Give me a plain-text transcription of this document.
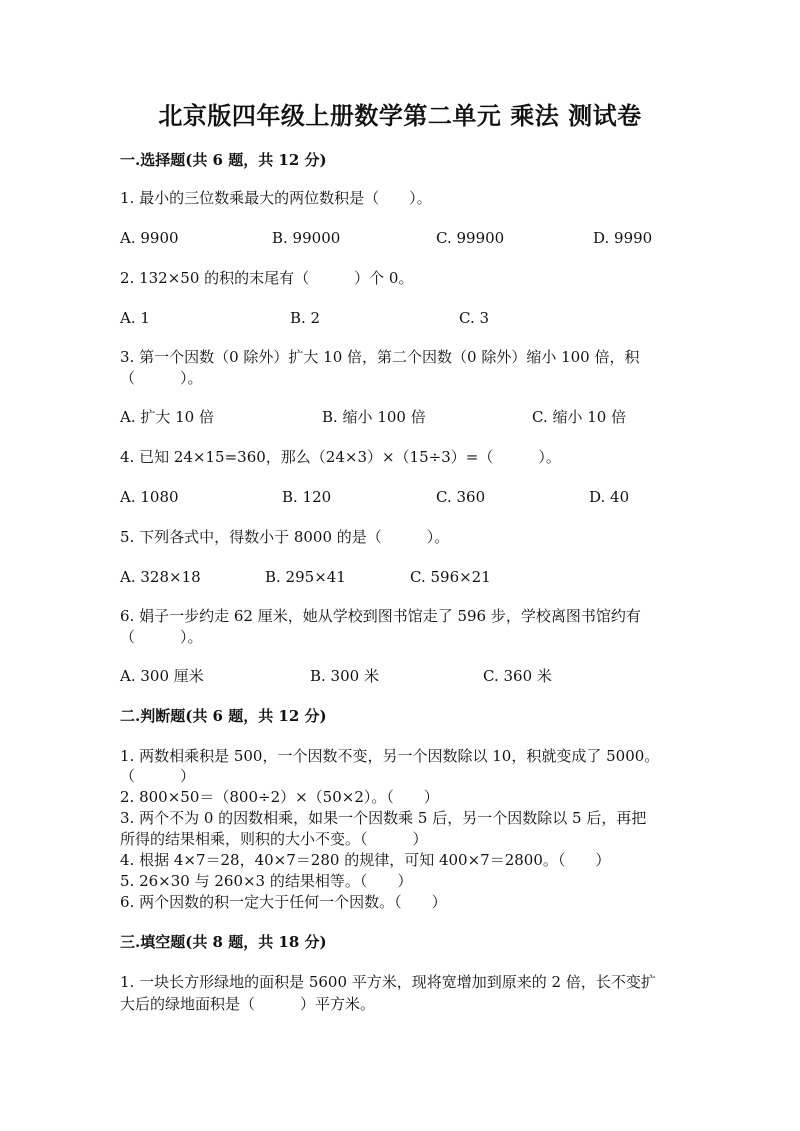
北京版四年级上册数学第二单元 乘法 测试卷
一.选择题(共 6 题，共 12 分)
1. 最小的三位数乘最大的两位数积是（　　）。
A. 9900	B. 99000	C. 99900	D. 9990
2. 132×50 的积的末尾有（　　　）个 0。
A. 1	B. 2	C. 3
3. 第一个因数（0 除外）扩大 10 倍，第二个因数（0 除外）缩小 100 倍，积
（　　　）。
A. 扩大 10 倍	B. 缩小 100 倍	C. 缩小 10 倍
4. 已知 24×15=360，那么（24×3）×（15÷3）=（　　　）。
A. 1080	B. 120	C. 360	D. 40
5. 下列各式中，得数小于 8000 的是（　　　）。
A. 328×18	B. 295×41	C. 596×21
6. 娟子一步约走 62 厘米，她从学校到图书馆走了 596 步，学校离图书馆约有
（　　　）。
A. 300 厘米	B. 300 米	C. 360 米
二.判断题(共 6 题，共 12 分)
1. 两数相乘积是 500，一个因数不变，另一个因数除以 10，积就变成了 5000。
（　　　）
2. 800×50＝（800÷2）×（50×2）。（　　）
3. 两个不为 0 的因数相乘，如果一个因数乘 5 后，另一个因数除以 5 后，再把
所得的结果相乘，则积的大小不变。（　　　）
4. 根据 4×7＝28，40×7＝280 的规律，可知 400×7＝2800。（　　）
5. 26×30 与 260×3 的结果相等。（　　）
6. 两个因数的积一定大于任何一个因数。（　　）
三.填空题(共 8 题，共 18 分)
1. 一块长方形绿地的面积是 5600 平方米，现将宽增加到原来的 2 倍，长不变扩
大后的绿地面积是（　　　）平方米。
